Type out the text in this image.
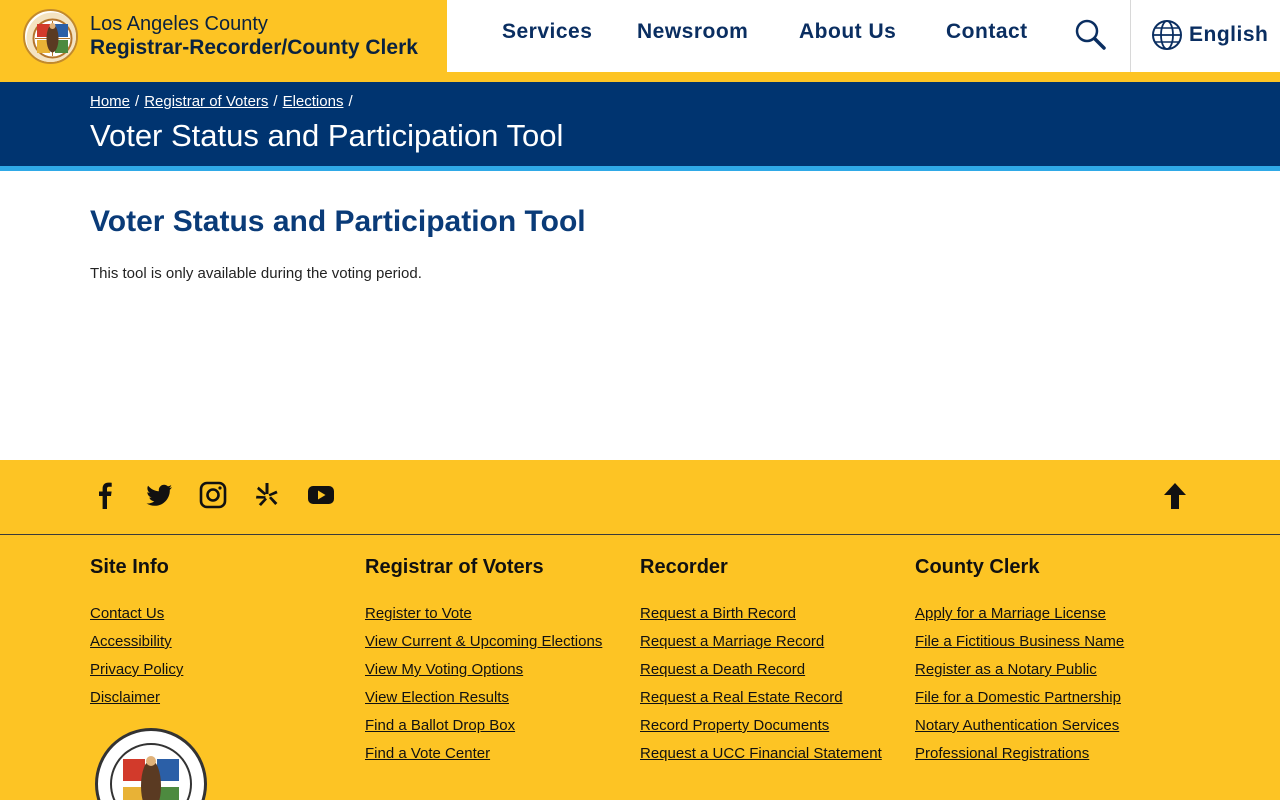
Los Angeles County
Registrar-Recorder/County Clerk
Services Newsroom About Us Contact	English
Home / Registrar of Voters / Elections /
Voter Status and Participation Tool
Voter Status and Participation Tool

This tool is only available during the voting period.

Site Info
Contact Us
Accessibility
Privacy Policy
Disclaimer
Registrar of Voters
Register to Vote
View Current & Upcoming Elections
View My Voting Options
View Election Results
Find a Ballot Drop Box
Find a Vote Center
Recorder
Request a Birth Record
Request a Marriage Record
Request a Death Record
Request a Real Estate Record
Record Property Documents
Request a UCC Financial Statement
County Clerk
Apply for a Marriage License
File a Fictitious Business Name
Register as a Notary Public
File for a Domestic Partnership
Notary Authentication Services
Professional Registrations
